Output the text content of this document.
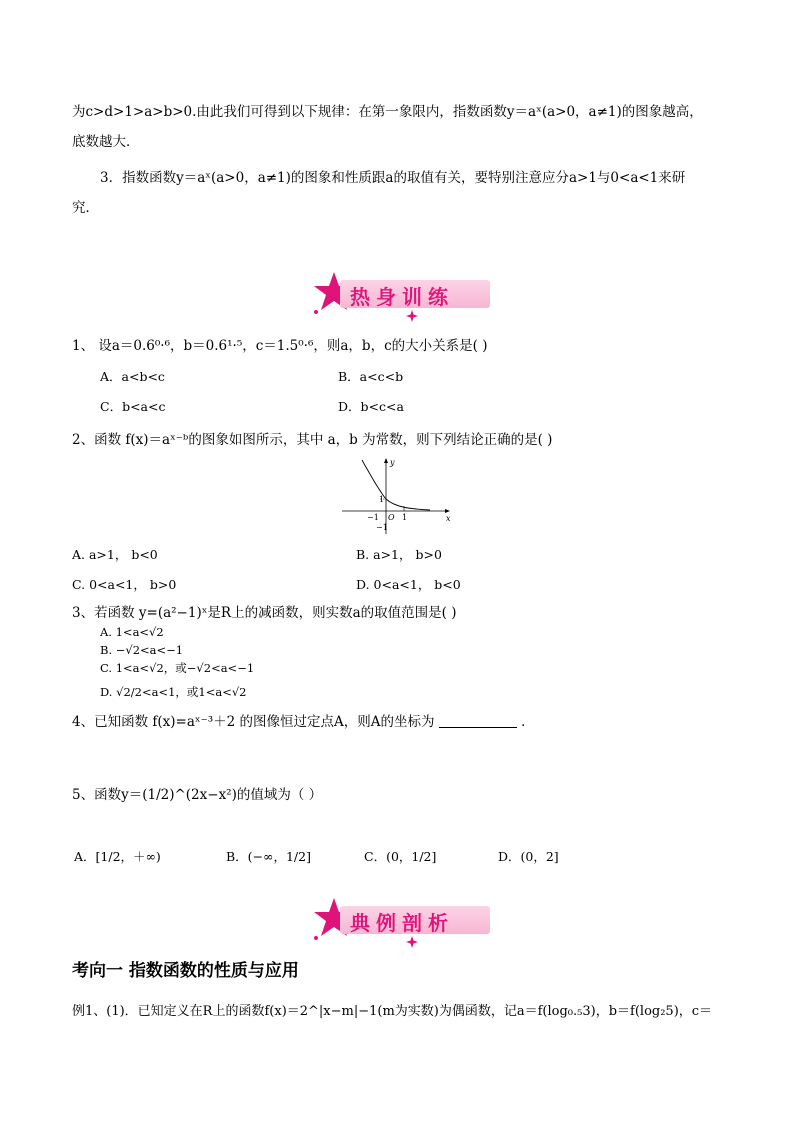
为c>d>1>a>b>0.由此我们可得到以下规律：在第一象限内，指数函数y＝aˣ(a>0，a≠1)的图象越高，
底数越大．
3．指数函数y＝aˣ(a>0，a≠1)的图象和性质跟a的取值有关，要特别注意应分a>1与0<a<1来研
究．
热身训练
1、 设a＝0.6⁰·⁶，b＝0.6¹·⁵，c＝1.5⁰·⁶，则a，b，c的大小关系是( )
A．a<b<c	B．a<c<b
C．b<a<c	D．b<c<a
2、函数 f(x)＝aˣ⁻ᵇ的图象如图所示，其中 a，b 为常数，则下列结论正确的是( )
y
x
1
O
−1	1
−1
A. a>1， b<0	B. a>1， b>0
C. 0<a<1， b>0	D. 0<a<1， b<0
3、若函数 y=(a²−1)ˣ是R上的减函数，则实数a的取值范围是( )
A. 1<a<√2
B. −√2<a<−1
C. 1<a<√2，或−√2<a<−1
D. √2/2<a<1，或1<a<√2
4、已知函数 f(x)=aˣ⁻³＋2 的图像恒过定点A，则A的坐标为	．
5、函数y＝(1/2)^(2x−x²)的值域为（ ）
A．[1/2，＋∞)	B．(−∞，1/2]	C．(0，1/2]	D．(0，2]
典例剖析
考向一 指数函数的性质与应用
例1、(1)．已知定义在R上的函数f(x)＝2^|x−m|−1(m为实数)为偶函数，记a＝f(log₀.₅3)，b＝f(log₂5)，c＝
